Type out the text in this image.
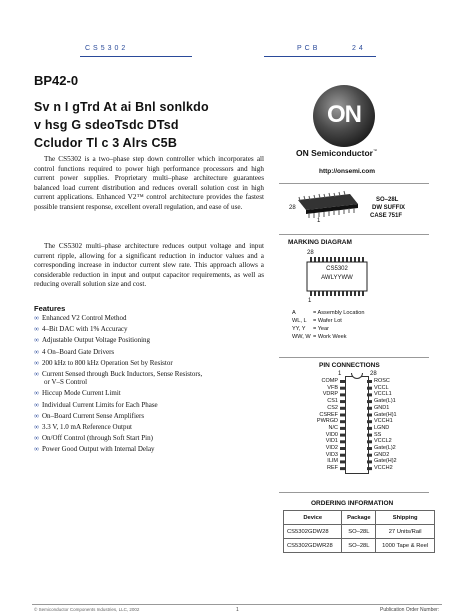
CS5302	PCB	24
BP42-0
Sv n I gTrd At ai Bnl sonlkdo
v hsg G sdeoTsdc DTsd
Ccludor Tl c 3 Alrs C5B
The CS5302 is a two–phase step down controller which incorporates all control functions required to power high performance processors and high current power supplies. Proprietary multi–phase architecture guarantees balanced load current distribution and reduces overall solution cost in high current applications. Enhanced V2™ control architecture provides the fastest possible transient response, excellent overall regulation, and ease of use.
The CS5302 multi–phase architecture reduces output voltage and input current ripple, allowing for a significant reduction in inductor values and a corresponding increase in inductor current slew rate. This approach allows a considerable reduction in input and output capacitor requirements, as well as reducing overall solution size and cost.
Features
∞ Enhanced V2 Control Method
∞ 4–Bit DAC with 1% Accuracy
∞ Adjustable Output Voltage Positioning
∞ 4 On–Board Gate Drivers
∞ 200 kHz to 800 kHz Operation Set by Resistor
∞ Current Sensed through Buck Inductors, Sense Resistors,
or V–S Control
∞ Hiccup Mode Current Limit
∞ Individual Current Limits for Each Phase
∞ On–Board Current Sense Amplifiers
∞ 3.3 V, 1.0 mA Reference Output
∞ On/Off Control (through Soft Start Pin)
∞ Power Good Output with Internal Delay
ON
ON Semiconductor™
http://onsemi.com
28
1
SO–28L
DW SUFFIX
CASE 751F
MARKING DIAGRAM
28
CS5302
AWLYYWW
1
A	= Assembly Location
WL, L = Wafer Lot
YY, Y = Year
WW, W = Work Week
PIN CONNECTIONS
1	28
COMP
VFB
VDRP
CS1
CS2
CSREF
PWRGD
N/C
VID0
VID1
VID2
VID3
ILIM
REF
ROSC
VCCL
VCCL1
Gate(L)1
GND1
Gate(H)1
VCCH1
LGND
SS
VCCL2
Gate(L)2
GND2
Gate(H)2
VCCH2
ORDERING INFORMATION
Device	Package	Shipping
CS5302GDW28	SO–28L	27 Units/Rail
CS5302GDWR28	SO–28L	1000 Tape & Reel
© Semiconductor Components Industries, LLC, 2002	1	Publication Order Number:
